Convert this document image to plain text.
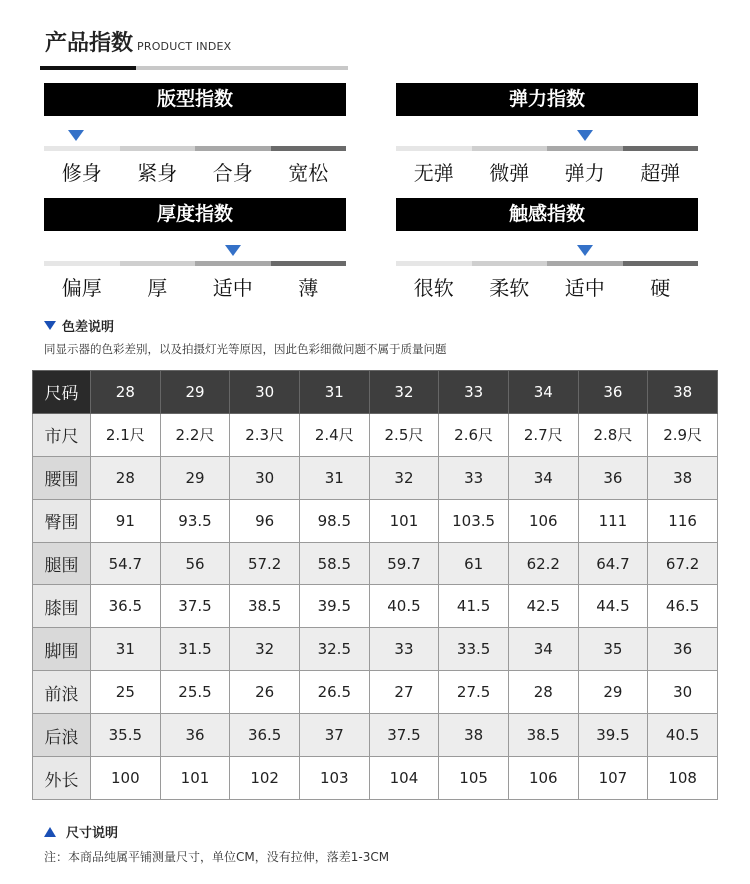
产品指数 PRODUCT INDEX
版型指数
修身	紧身	合身	宽松
弹力指数
无弹	微弹	弹力	超弹
厚度指数
偏厚	厚	适中	薄
触感指数
很软	柔软	适中	硬
色差说明
同显示器的色彩差别，以及拍摄灯光等原因，因此色彩细微问题不属于质量问题
尺码	28	29	30	31	32	33	34	36	38
市尺	2.1尺	2.2尺	2.3尺	2.4尺	2.5尺	2.6尺	2.7尺	2.8尺	2.9尺
腰围	28	29	30	31	32	33	34	36	38
臀围	91	93.5	96	98.5	101	103.5	106	111	116
腿围	54.7	56	57.2	58.5	59.7	61	62.2	64.7	67.2
膝围	36.5	37.5	38.5	39.5	40.5	41.5	42.5	44.5	46.5
脚围	31	31.5	32	32.5	33	33.5	34	35	36
前浪	25	25.5	26	26.5	27	27.5	28	29	30
后浪	35.5	36	36.5	37	37.5	38	38.5	39.5	40.5
外长	100	101	102	103	104	105	106	107	108
尺寸说明
注：本商品纯属平铺测量尺寸，单位CM，没有拉伸，落差1-3CM
